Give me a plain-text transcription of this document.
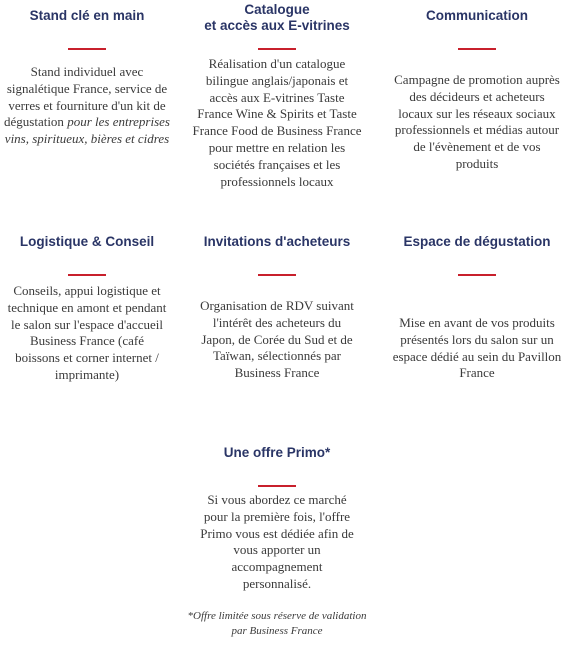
Stand clé en main

Stand individuel avec signalétique France, service de verres et fourniture d'un kit de dégustation pour les entreprises vins, spiritueux, bières et cidres

Catalogue
et accès aux E-vitrines

Réalisation d'un catalogue bilingue anglais/japonais et accès aux E-vitrines Taste France Wine & Spirits et Taste France Food de Business France pour mettre en relation les sociétés françaises et les professionnels locaux

Communication

Campagne de promotion auprès des décideurs et acheteurs locaux sur les réseaux sociaux professionnels et médias autour de l'évènement et de vos produits

Logistique & Conseil

Conseils, appui logistique et technique en amont et pendant le salon sur l'espace d'accueil Business France (café boissons et corner internet / imprimante)

Invitations d'acheteurs

Organisation de RDV suivant l'intérêt des acheteurs du Japon, de Corée du Sud et de Taïwan, sélectionnés par Business France

Espace de dégustation

Mise en avant de vos produits présentés lors du salon sur un espace dédié au sein du Pavillon France

Une offre Primo*

Si vous abordez ce marché pour la première fois, l'offre Primo vous est dédiée afin de vous apporter un accompagnement personnalisé.

*Offre limitée sous réserve de validation par Business France
